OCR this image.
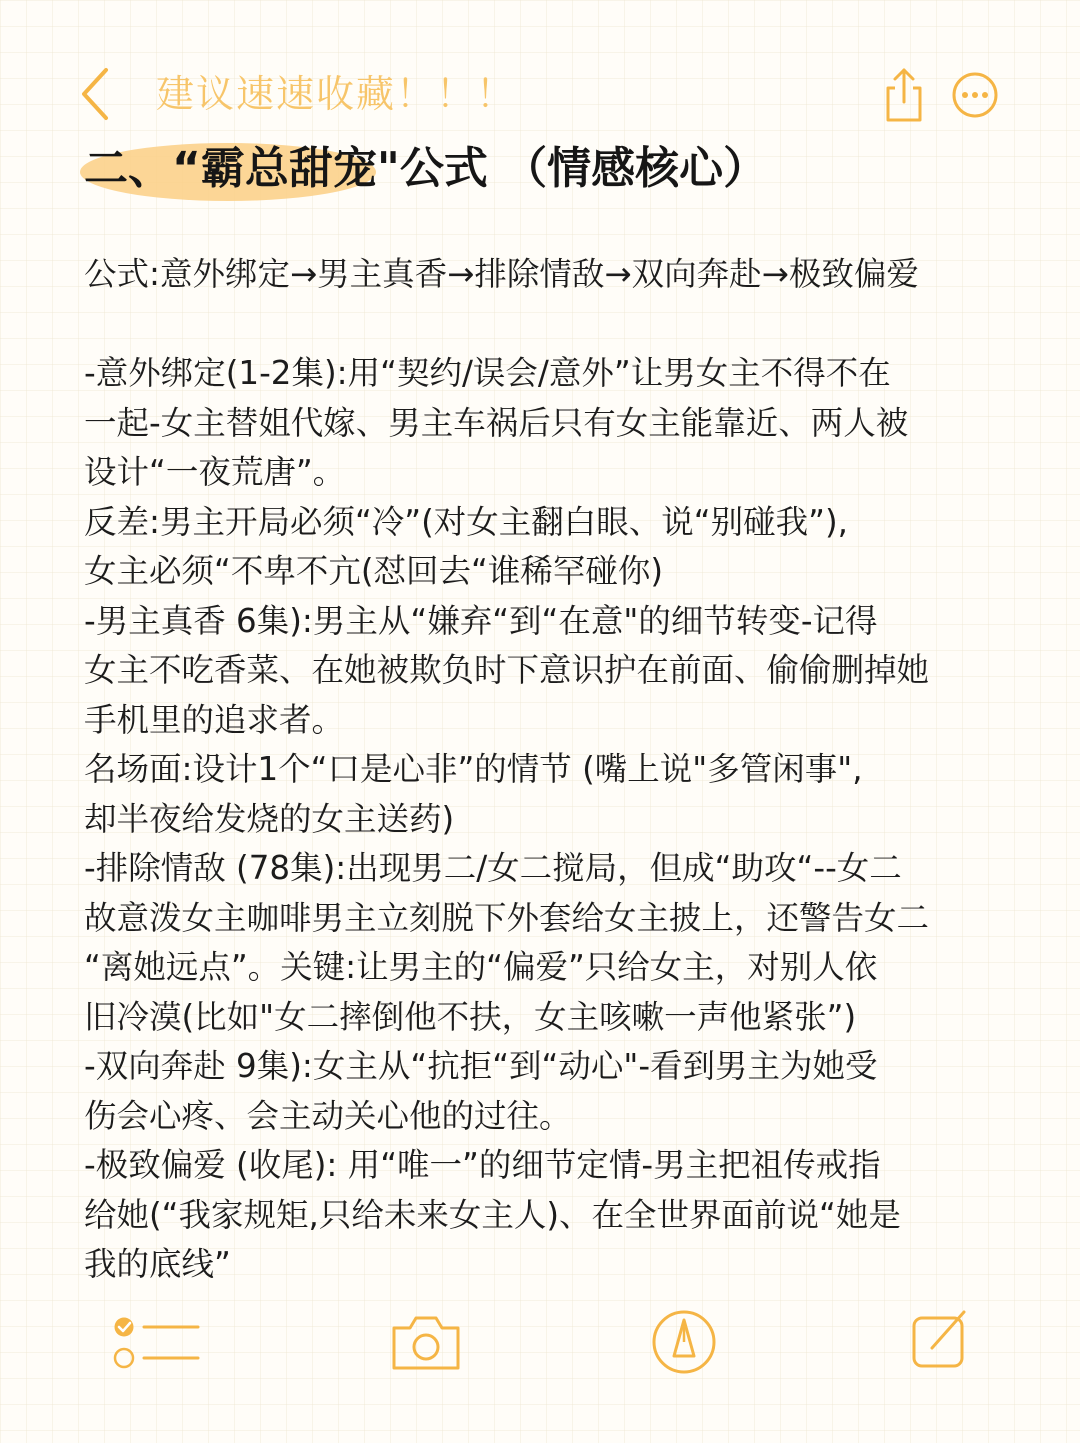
建议速速收藏！！！
二、“霸总甜宠"公式 （情感核心）
公式:意外绑定→男主真香→排除情敌→双向奔赴→极致偏爱
-意外绑定(1-2集):用“契约/误会/意外”让男女主不得不在
一起-女主替姐代嫁、男主车祸后只有女主能靠近、两人被
设计“一夜荒唐”。
反差:男主开局必须“冷”(对女主翻白眼、说“别碰我”),
女主必须“不卑不亢(怼回去“谁稀罕碰你)
-男主真香 6集):男主从“嫌弃“到“在意"的细节转变-记得
女主不吃香菜、在她被欺负时下意识护在前面、偷偷删掉她
手机里的追求者。
名场面:设计1个“口是心非”的情节 (嘴上说"多管闲事",
却半夜给发烧的女主送药)
-排除情敌 (78集):出现男二/女二搅局，但成“助攻“--女二
故意泼女主咖啡男主立刻脱下外套给女主披上，还警告女二
“离她远点”。关键:让男主的“偏爱”只给女主，对别人依
旧冷漠(比如"女二摔倒他不扶，女主咳嗽一声他紧张”)
-双向奔赴 9集):女主从“抗拒“到“动心"-看到男主为她受
伤会心疼、会主动关心他的过往。
-极致偏爱 (收尾): 用“唯一”的细节定情-男主把祖传戒指
给她(“我家规矩,只给未来女主人)、在全世界面前说“她是
我的底线”
